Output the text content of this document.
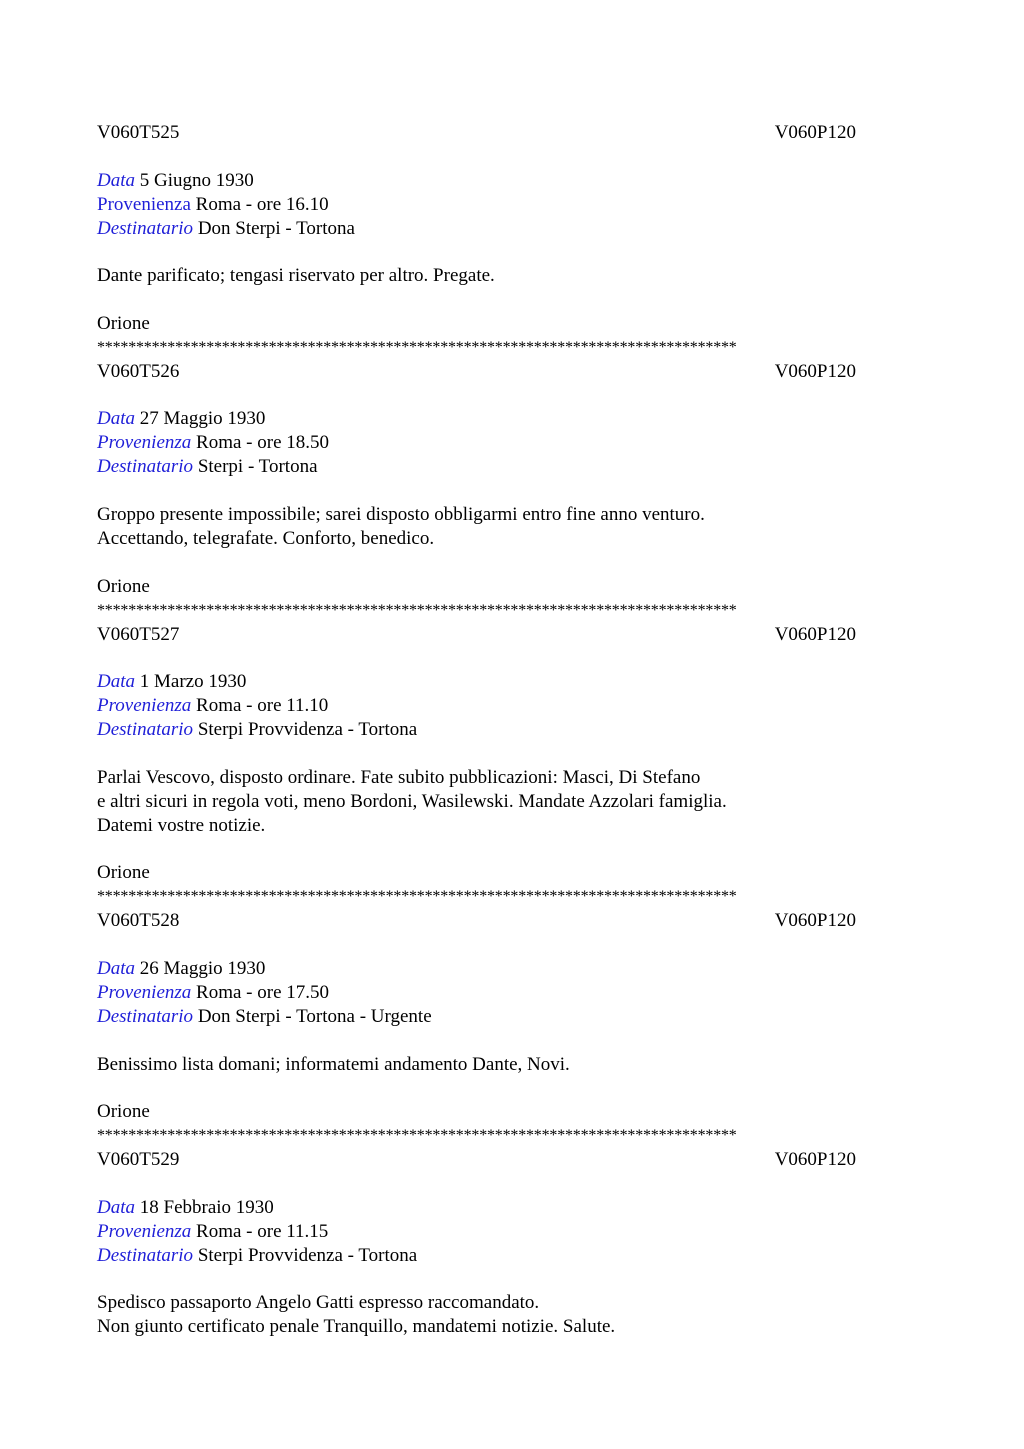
V060T525	V060P120
Data 5 Giugno 1930
Provenienza Roma - ore 16.10
Destinatario Don Sterpi - Tortona
Dante parificato; tengasi riservato per altro. Pregate.
Orione
**********************************************************************************
V060T526	V060P120
Data 27 Maggio 1930
Provenienza Roma - ore 18.50
Destinatario Sterpi - Tortona
Groppo presente impossibile; sarei disposto obbligarmi entro fine anno venturo.
Accettando, telegrafate. Conforto, benedico.
Orione
**********************************************************************************
V060T527	V060P120
Data 1 Marzo 1930
Provenienza Roma - ore 11.10
Destinatario Sterpi Provvidenza - Tortona
Parlai Vescovo, disposto ordinare. Fate subito pubblicazioni: Masci, Di Stefano
e altri sicuri in regola voti, meno Bordoni, Wasilewski. Mandate Azzolari famiglia.
Datemi vostre notizie.
Orione
**********************************************************************************
V060T528	V060P120
Data 26 Maggio 1930
Provenienza Roma - ore 17.50
Destinatario Don Sterpi - Tortona - Urgente
Benissimo lista domani; informatemi andamento Dante, Novi.
Orione
**********************************************************************************
V060T529	V060P120
Data 18 Febbraio 1930
Provenienza Roma - ore 11.15
Destinatario Sterpi Provvidenza - Tortona
Spedisco passaporto Angelo Gatti espresso raccomandato.
Non giunto certificato penale Tranquillo, mandatemi notizie. Salute.
